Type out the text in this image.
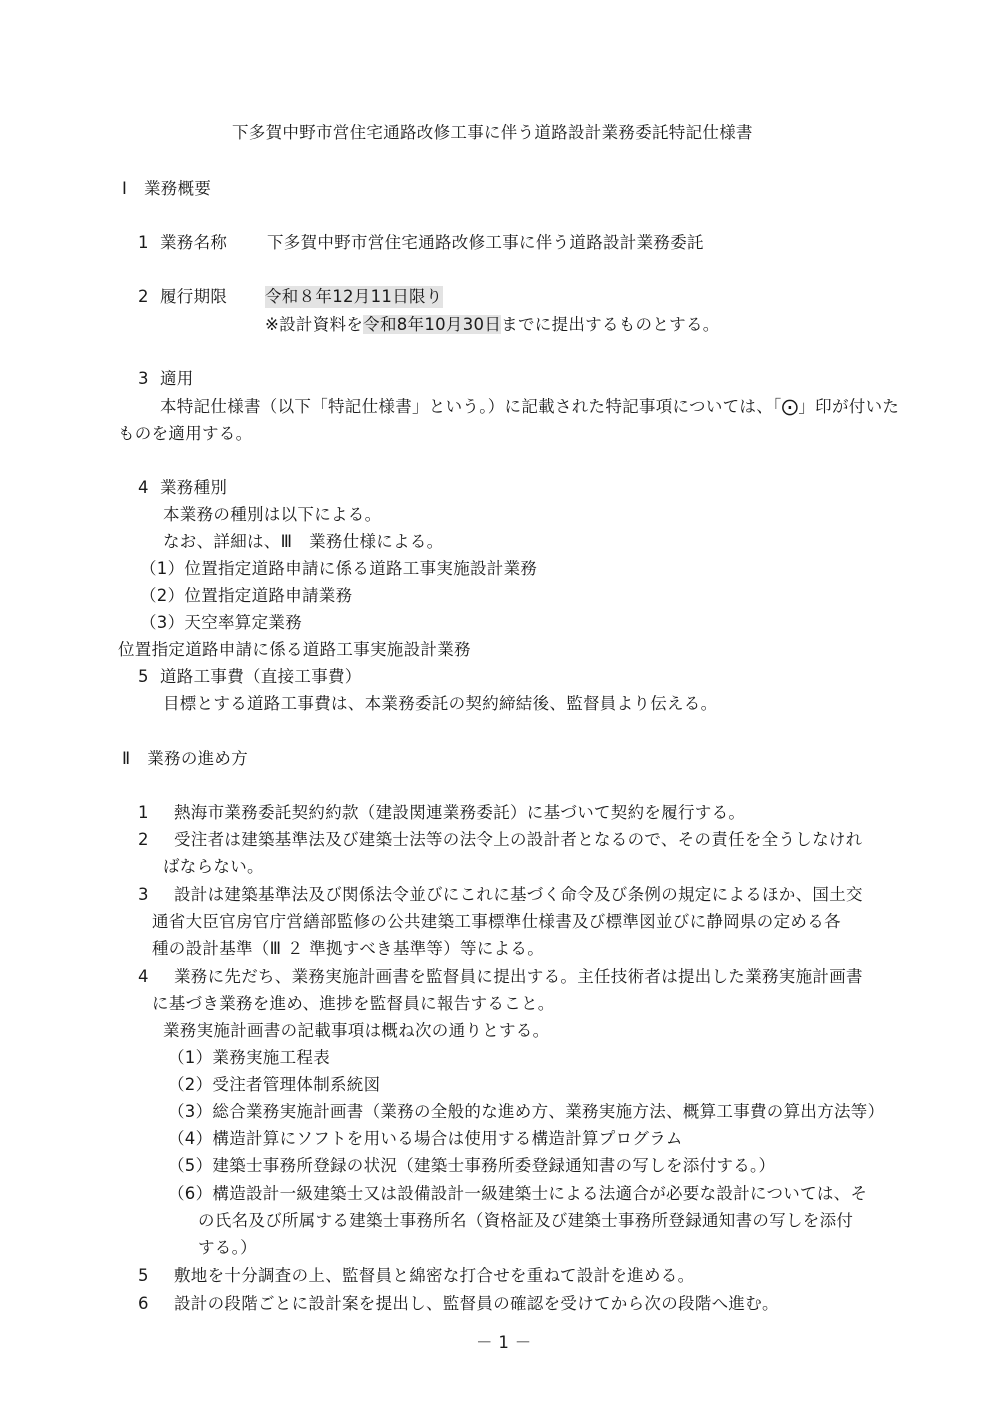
下多賀中野市営住宅通路改修工事に伴う道路設計業務委託特記仕様書
Ⅰ　業務概要
1 業務名称 下多賀中野市営住宅通路改修工事に伴う道路設計業務委託
2 履行期限 令和８年12月11日限り
※設計資料を令和8年10月30日までに提出するものとする。
3 適用
本特記仕様書（以下「特記仕様書」という。）に記載された特記事項については、「⨀」印が付いた
ものを適用する。
4 業務種別
本業務の種別は以下による。
なお、詳細は、Ⅲ　業務仕様による。
（1）位置指定道路申請に係る道路工事実施設計業務
（2）位置指定道路申請業務
（3）天空率算定業務
位置指定道路申請に係る道路工事実施設計業務
5 道路工事費（直接工事費）
目標とする道路工事費は、本業務委託の契約締結後、監督員より伝える。
Ⅱ　業務の進め方
1 熱海市業務委託契約約款（建設関連業務委託）に基づいて契約を履行する。
2 受注者は建築基準法及び建築士法等の法令上の設計者となるので、その責任を全うしなけれ
ばならない。
3 設計は建築基準法及び関係法令並びにこれに基づく命令及び条例の規定によるほか、国土交
通省大臣官房官庁営繕部監修の公共建築工事標準仕様書及び標準図並びに静岡県の定める各
種の設計基準（Ⅲ ２ 準拠すべき基準等）等による。
4 業務に先だち、業務実施計画書を監督員に提出する。主任技術者は提出した業務実施計画書
に基づき業務を進め、進捗を監督員に報告すること。
業務実施計画書の記載事項は概ね次の通りとする。
（1）業務実施工程表
（2）受注者管理体制系統図
（3）総合業務実施計画書（業務の全般的な進め方、業務実施方法、概算工事費の算出方法等）
（4）構造計算にソフトを用いる場合は使用する構造計算プログラム
（5）建築士事務所登録の状況（建築士事務所委登録通知書の写しを添付する。）
（6）構造設計一級建築士又は設備設計一級建築士による法適合が必要な設計については、そ
の氏名及び所属する建築士事務所名（資格証及び建築士事務所登録通知書の写しを添付
する。）
5 敷地を十分調査の上、監督員と綿密な打合せを重ねて設計を進める。
6 設計の段階ごとに設計案を提出し、監督員の確認を受けてから次の段階へ進む。
－ 1 －
